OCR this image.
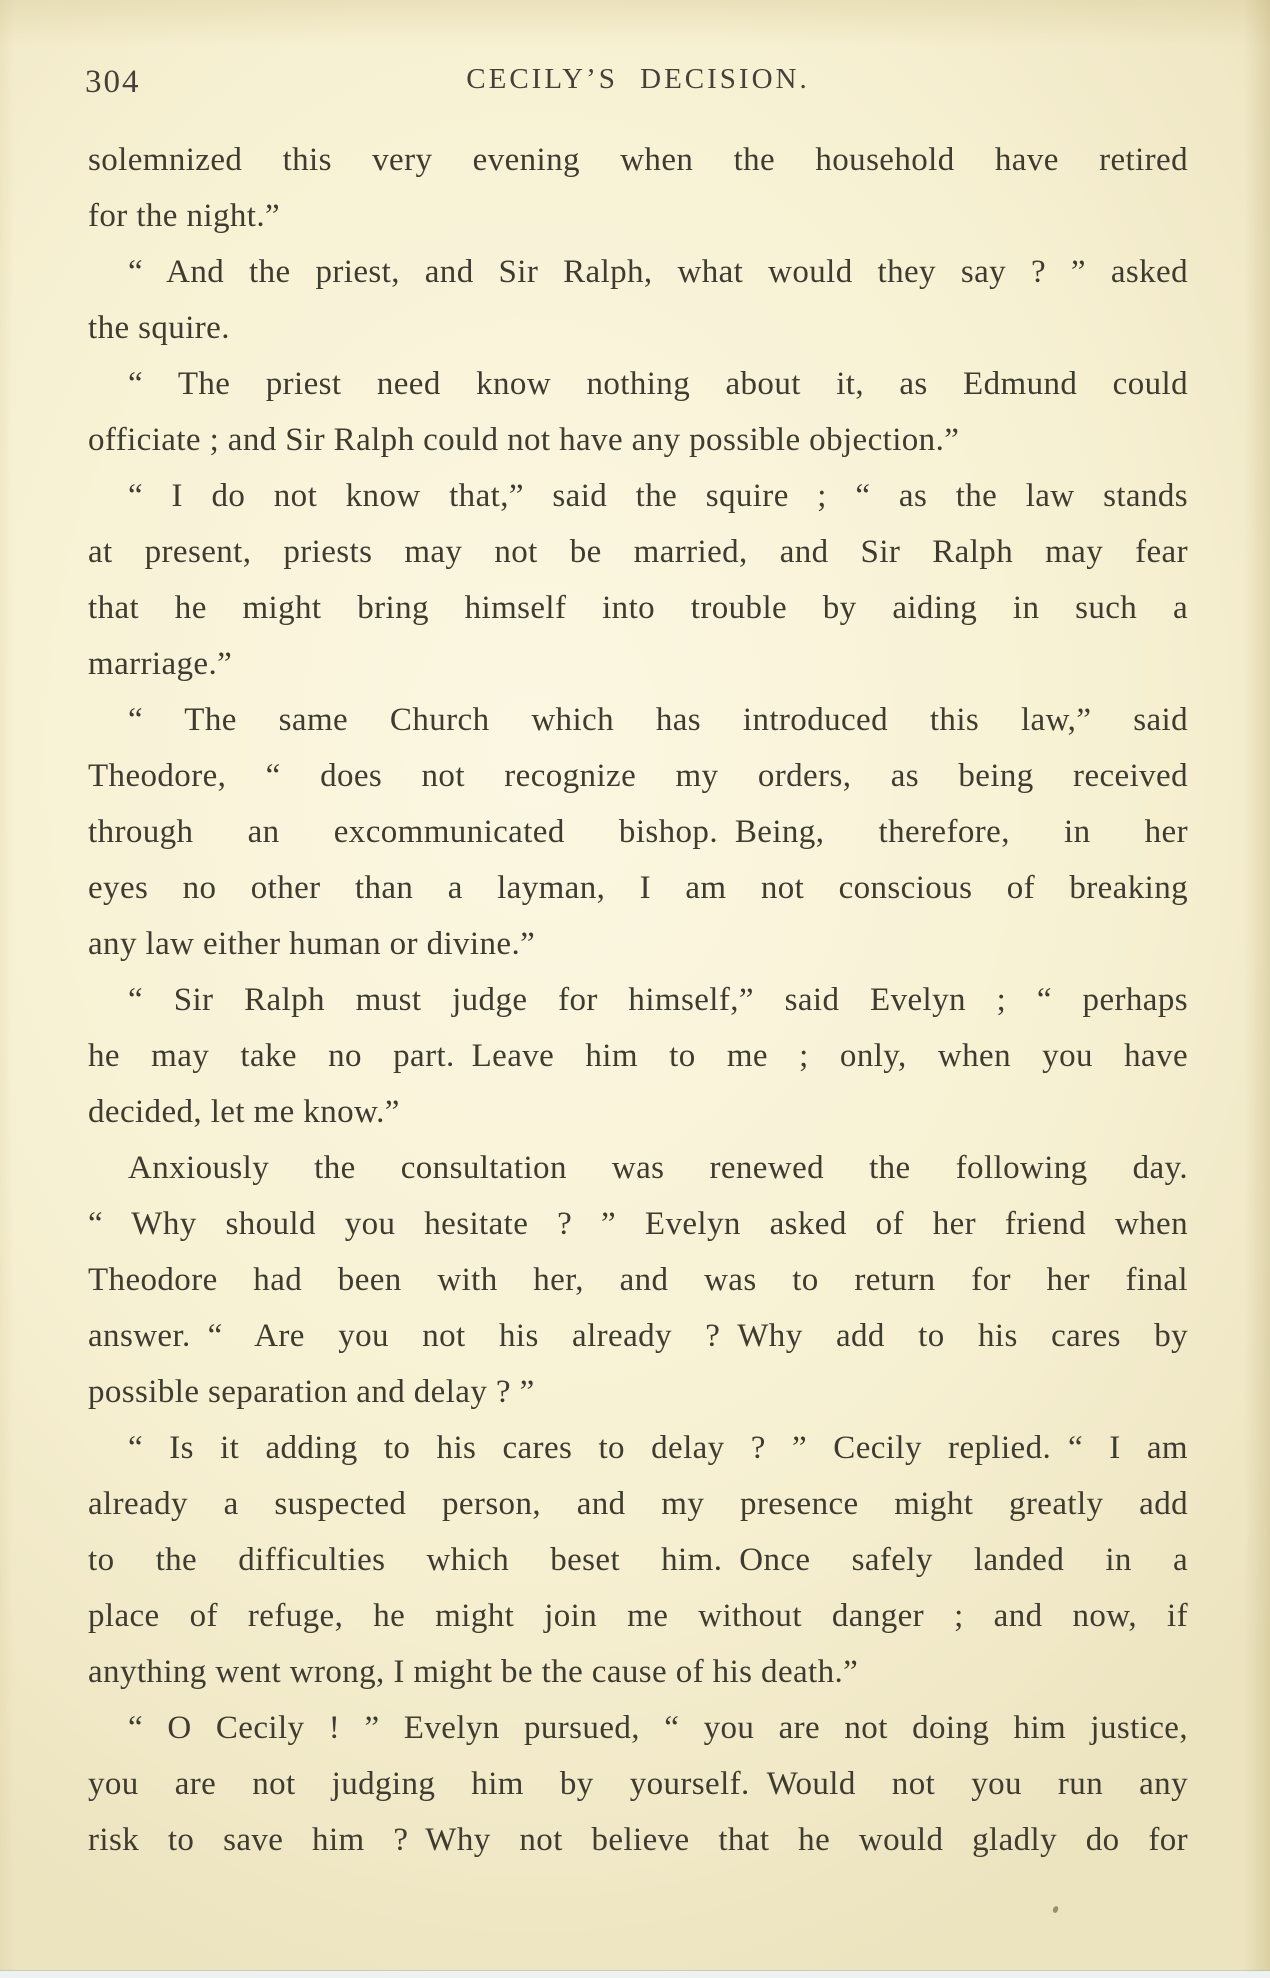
304	CECILY’S DECISION.
solemnized this very evening when the household have retired
for the night.”
“ And the priest, and Sir Ralph, what would they say ? ” asked
the squire.
“ The priest need know nothing about it, as Edmund could
officiate ; and Sir Ralph could not have any possible objection.”
“ I do not know that,” said the squire ; “ as the law stands
at present, priests may not be married, and Sir Ralph may fear
that he might bring himself into trouble by aiding in such a
marriage.”
“ The same Church which has introduced this law,” said
Theodore, “ does not recognize my orders, as being received
through an excommunicated bishop. Being, therefore, in her
eyes no other than a layman, I am not conscious of breaking
any law either human or divine.”
“ Sir Ralph must judge for himself,” said Evelyn ; “ perhaps
he may take no part. Leave him to me ; only, when you have
decided, let me know.”
Anxiously the consultation was renewed the following day.
“ Why should you hesitate ? ” Evelyn asked of her friend when
Theodore had been with her, and was to return for her final
answer. “ Are you not his already ? Why add to his cares by
possible separation and delay ? ”
“ Is it adding to his cares to delay ? ” Cecily replied. “ I am
already a suspected person, and my presence might greatly add
to the difficulties which beset him. Once safely landed in a
place of refuge, he might join me without danger ; and now, if
anything went wrong, I might be the cause of his death.”
“ O Cecily ! ” Evelyn pursued, “ you are not doing him justice,
you are not judging him by yourself. Would not you run any
risk to save him ? Why not believe that he would gladly do for
